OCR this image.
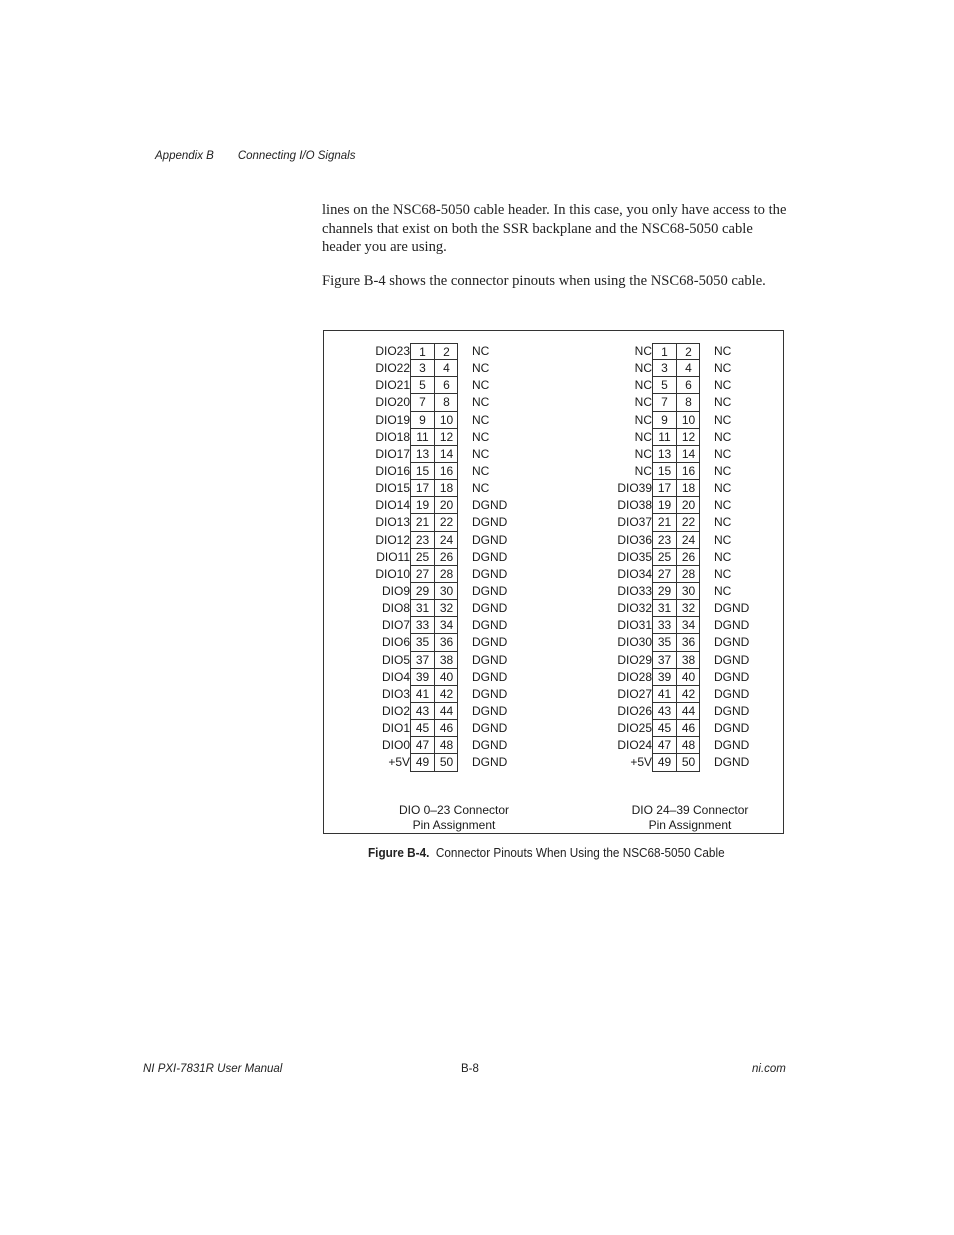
Appendix B Connecting I/O Signals
lines on the NSC68-5050 cable header. In this case, you only have access to the channels that exist on both the SSR backplane and the NSC68-5050 cable header you are using.
Figure B-4 shows the connector pinouts when using the NSC68-5050 cable.
DIO23 1	2	NC
DIO22 3	4	NC
DIO21 5	6	NC
DIO20 7	8	NC
DIO19 9	10	NC
DIO18 11 12	NC
DIO17 13 14	NC
DIO16 15 16	NC
DIO15 17 18	NC
DIO14 19 20	DGND
DIO13 21 22	DGND
DIO12 23 24	DGND
DIO11 25 26	DGND
DIO10 27 28	DGND
DIO9 29 30	DGND
DIO8 31 32	DGND
DIO7 33 34	DGND
DIO6 35 36	DGND
DIO5 37 38	DGND
DIO4 39 40	DGND
DIO3 41 42	DGND
DIO2 43 44	DGND
DIO1 45 46	DGND
DIO0 47 48	DGND
+5V 49 50	DGND
DIO 0–23 Connector
Pin Assignment
NC 1	2	NC
NC 3	4	NC
NC 5	6	NC
NC 7	8	NC
NC 9	10	NC
NC 11 12	NC
NC 13 14	NC
NC 15 16	NC
DIO39 17 18	NC
DIO38 19 20	NC
DIO37 21 22	NC
DIO36 23 24	NC
DIO35 25 26	NC
DIO34 27 28	NC
DIO33 29 30	NC
DIO32 31 32	DGND
DIO31 33 34	DGND
DIO30 35 36	DGND
DIO29 37 38	DGND
DIO28 39 40	DGND
DIO27 41 42	DGND
DIO26 43 44	DGND
DIO25 45 46	DGND
DIO24 47 48	DGND
+5V 49 50	DGND
DIO 24–39 Connector
Pin Assignment
Figure B-4. Connector Pinouts When Using the NSC68-5050 Cable
NI PXI-7831R User Manual	B-8	ni.com
